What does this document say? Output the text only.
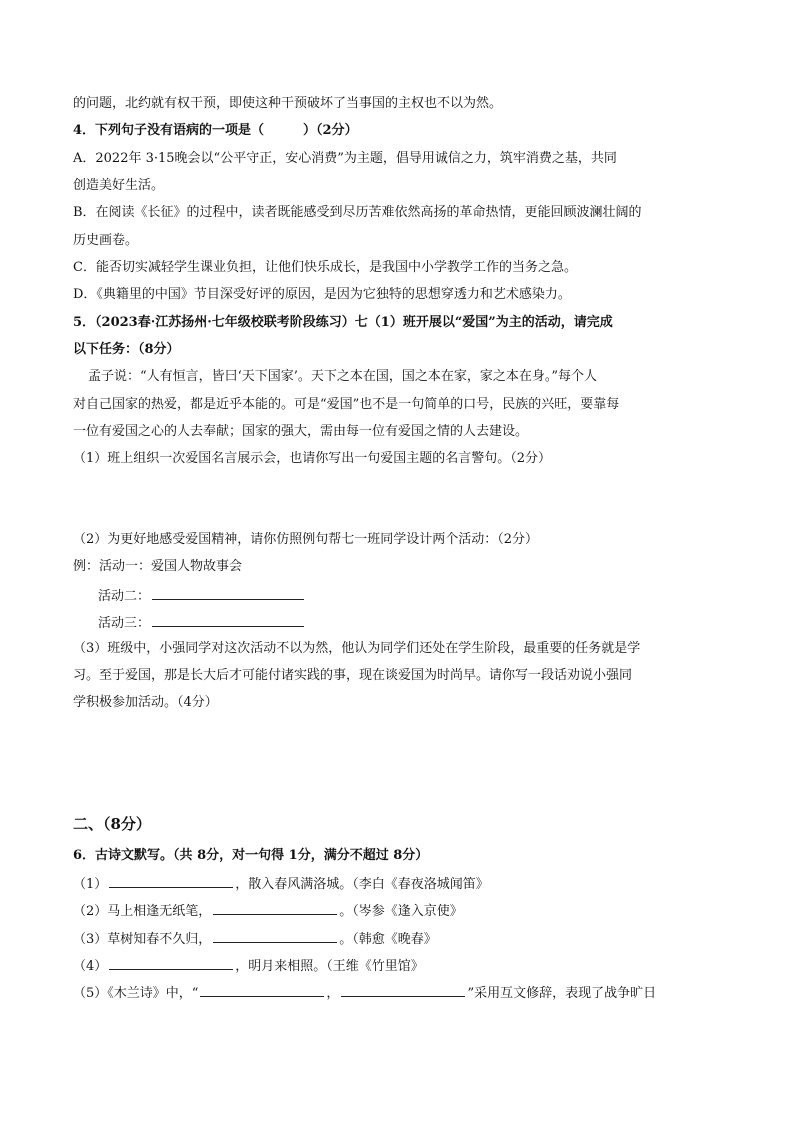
的问题，北约就有权干预，即使这种干预破坏了当事国的主权也不以为然。
4．下列句子没有语病的一项是（　　　）（2分）
A．2022年 3·15晚会以“公平守正，安心消费”为主题，倡导用诚信之力，筑牢消费之基，共同
创造美好生活。
B．在阅读《长征》的过程中，读者既能感受到尽历苦难依然高扬的革命热情，更能回顾波澜壮阔的
历史画卷。
C．能否切实减轻学生课业负担，让他们快乐成长，是我国中小学教学工作的当务之急。
D．《典籍里的中国》节目深受好评的原因，是因为它独特的思想穿透力和艺术感染力。
5．（2023春·江苏扬州·七年级校联考阶段练习）七（1）班开展以“爱国”为主的活动，请完成
以下任务：（8分）
孟子说：“人有恒言，皆曰‘天下国家’。天下之本在国，国之本在家，家之本在身。”每个人
对自己国家的热爱，都是近乎本能的。可是“爱国”也不是一句简单的口号，民族的兴旺，要靠每
一位有爱国之心的人去奉献；国家的强大，需由每一位有爱国之情的人去建设。
（1）班上组织一次爱国名言展示会，也请你写出一句爱国主题的名言警句。（2分）
（2）为更好地感受爱国精神，请你仿照例句帮七一班同学设计两个活动：（2分）
例：活动一：爱国人物故事会
活动二：
活动三：
（3）班级中，小强同学对这次活动不以为然，他认为同学们还处在学生阶段，最重要的任务就是学
习。至于爱国，那是长大后才可能付诸实践的事，现在谈爱国为时尚早。请你写一段话劝说小强同
学积极参加活动。（4分）
二、（8分）
6．古诗文默写。（共 8分，对一句得 1分，满分不超过 8分）
（1）	，散入春风满洛城。（李白《春夜洛城闻笛》
（2）马上相逢无纸笔，	。（岑参《逢入京使》
（3）草树知春不久归，	。（韩愈《晚春》
（4）	，明月来相照。（王维《竹里馆》
（5）《木兰诗》中，“	，	”采用互文修辞，表现了战争旷日
